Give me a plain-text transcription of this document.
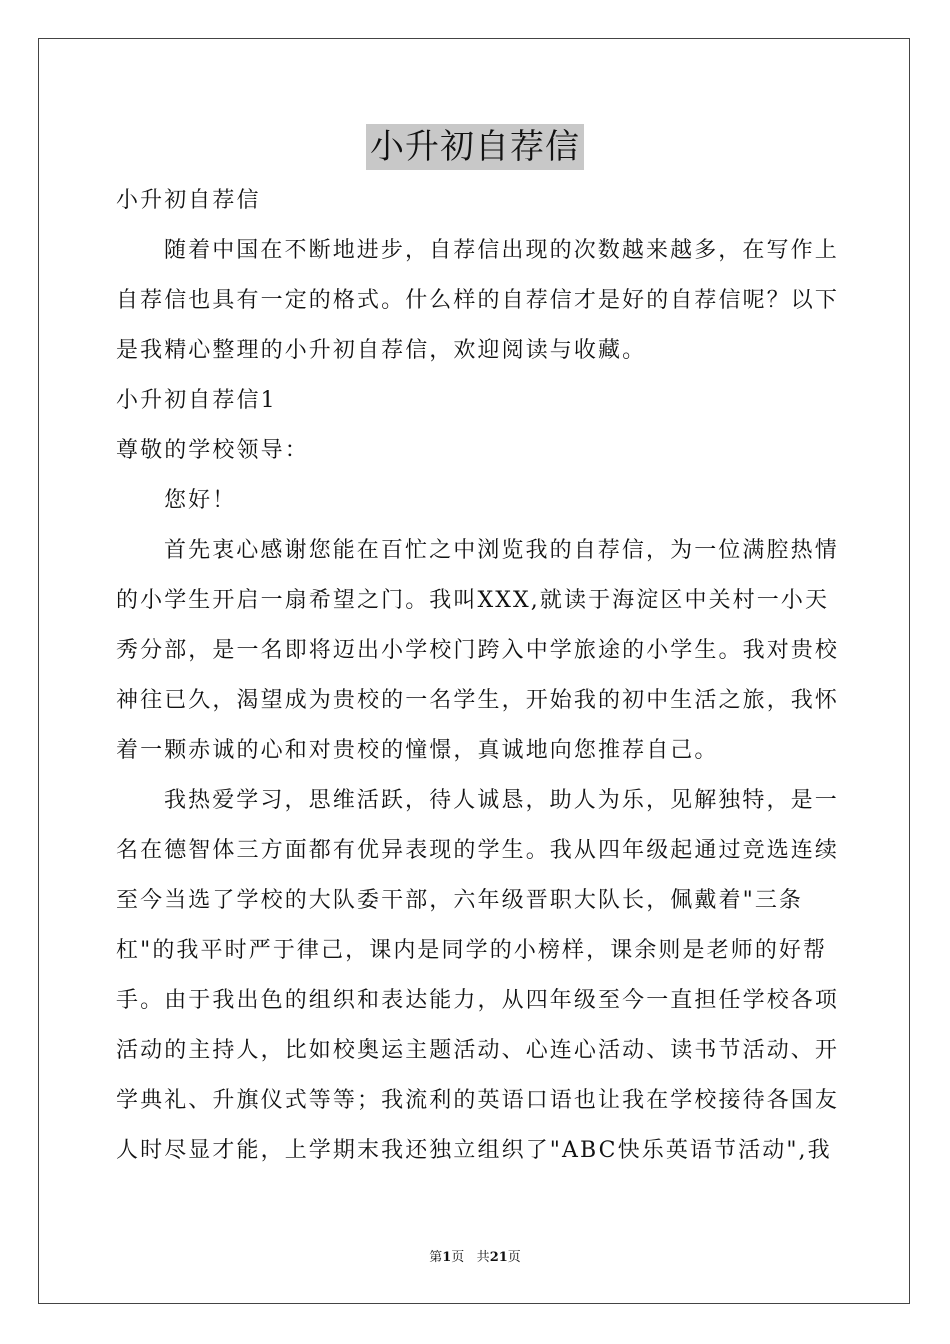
小升初自荐信
小升初自荐信
随着中国在不断地进步，自荐信出现的次数越来越多，在写作上
自荐信也具有一定的格式。什么样的自荐信才是好的自荐信呢？以下
是我精心整理的小升初自荐信，欢迎阅读与收藏。
小升初自荐信1
尊敬的学校领导：
您好！
首先衷心感谢您能在百忙之中浏览我的自荐信，为一位满腔热情
的小学生开启一扇希望之门。我叫XXX,就读于海淀区中关村一小天
秀分部，是一名即将迈出小学校门跨入中学旅途的小学生。我对贵校
神往已久，渴望成为贵校的一名学生，开始我的初中生活之旅，我怀
着一颗赤诚的心和对贵校的憧憬，真诚地向您推荐自己。
我热爱学习，思维活跃，待人诚恳，助人为乐，见解独特，是一
名在德智体三方面都有优异表现的学生。我从四年级起通过竞选连续
至今当选了学校的大队委干部，六年级晋职大队长，佩戴着"三条
杠"的我平时严于律己，课内是同学的小榜样，课余则是老师的好帮
手。由于我出色的组织和表达能力，从四年级至今一直担任学校各项
活动的主持人，比如校奥运主题活动、心连心活动、读书节活动、开
学典礼、升旗仪式等等；我流利的英语口语也让我在学校接待各国友
人时尽显才能，上学期末我还独立组织了"ABC快乐英语节活动",我
第1页 共21页
